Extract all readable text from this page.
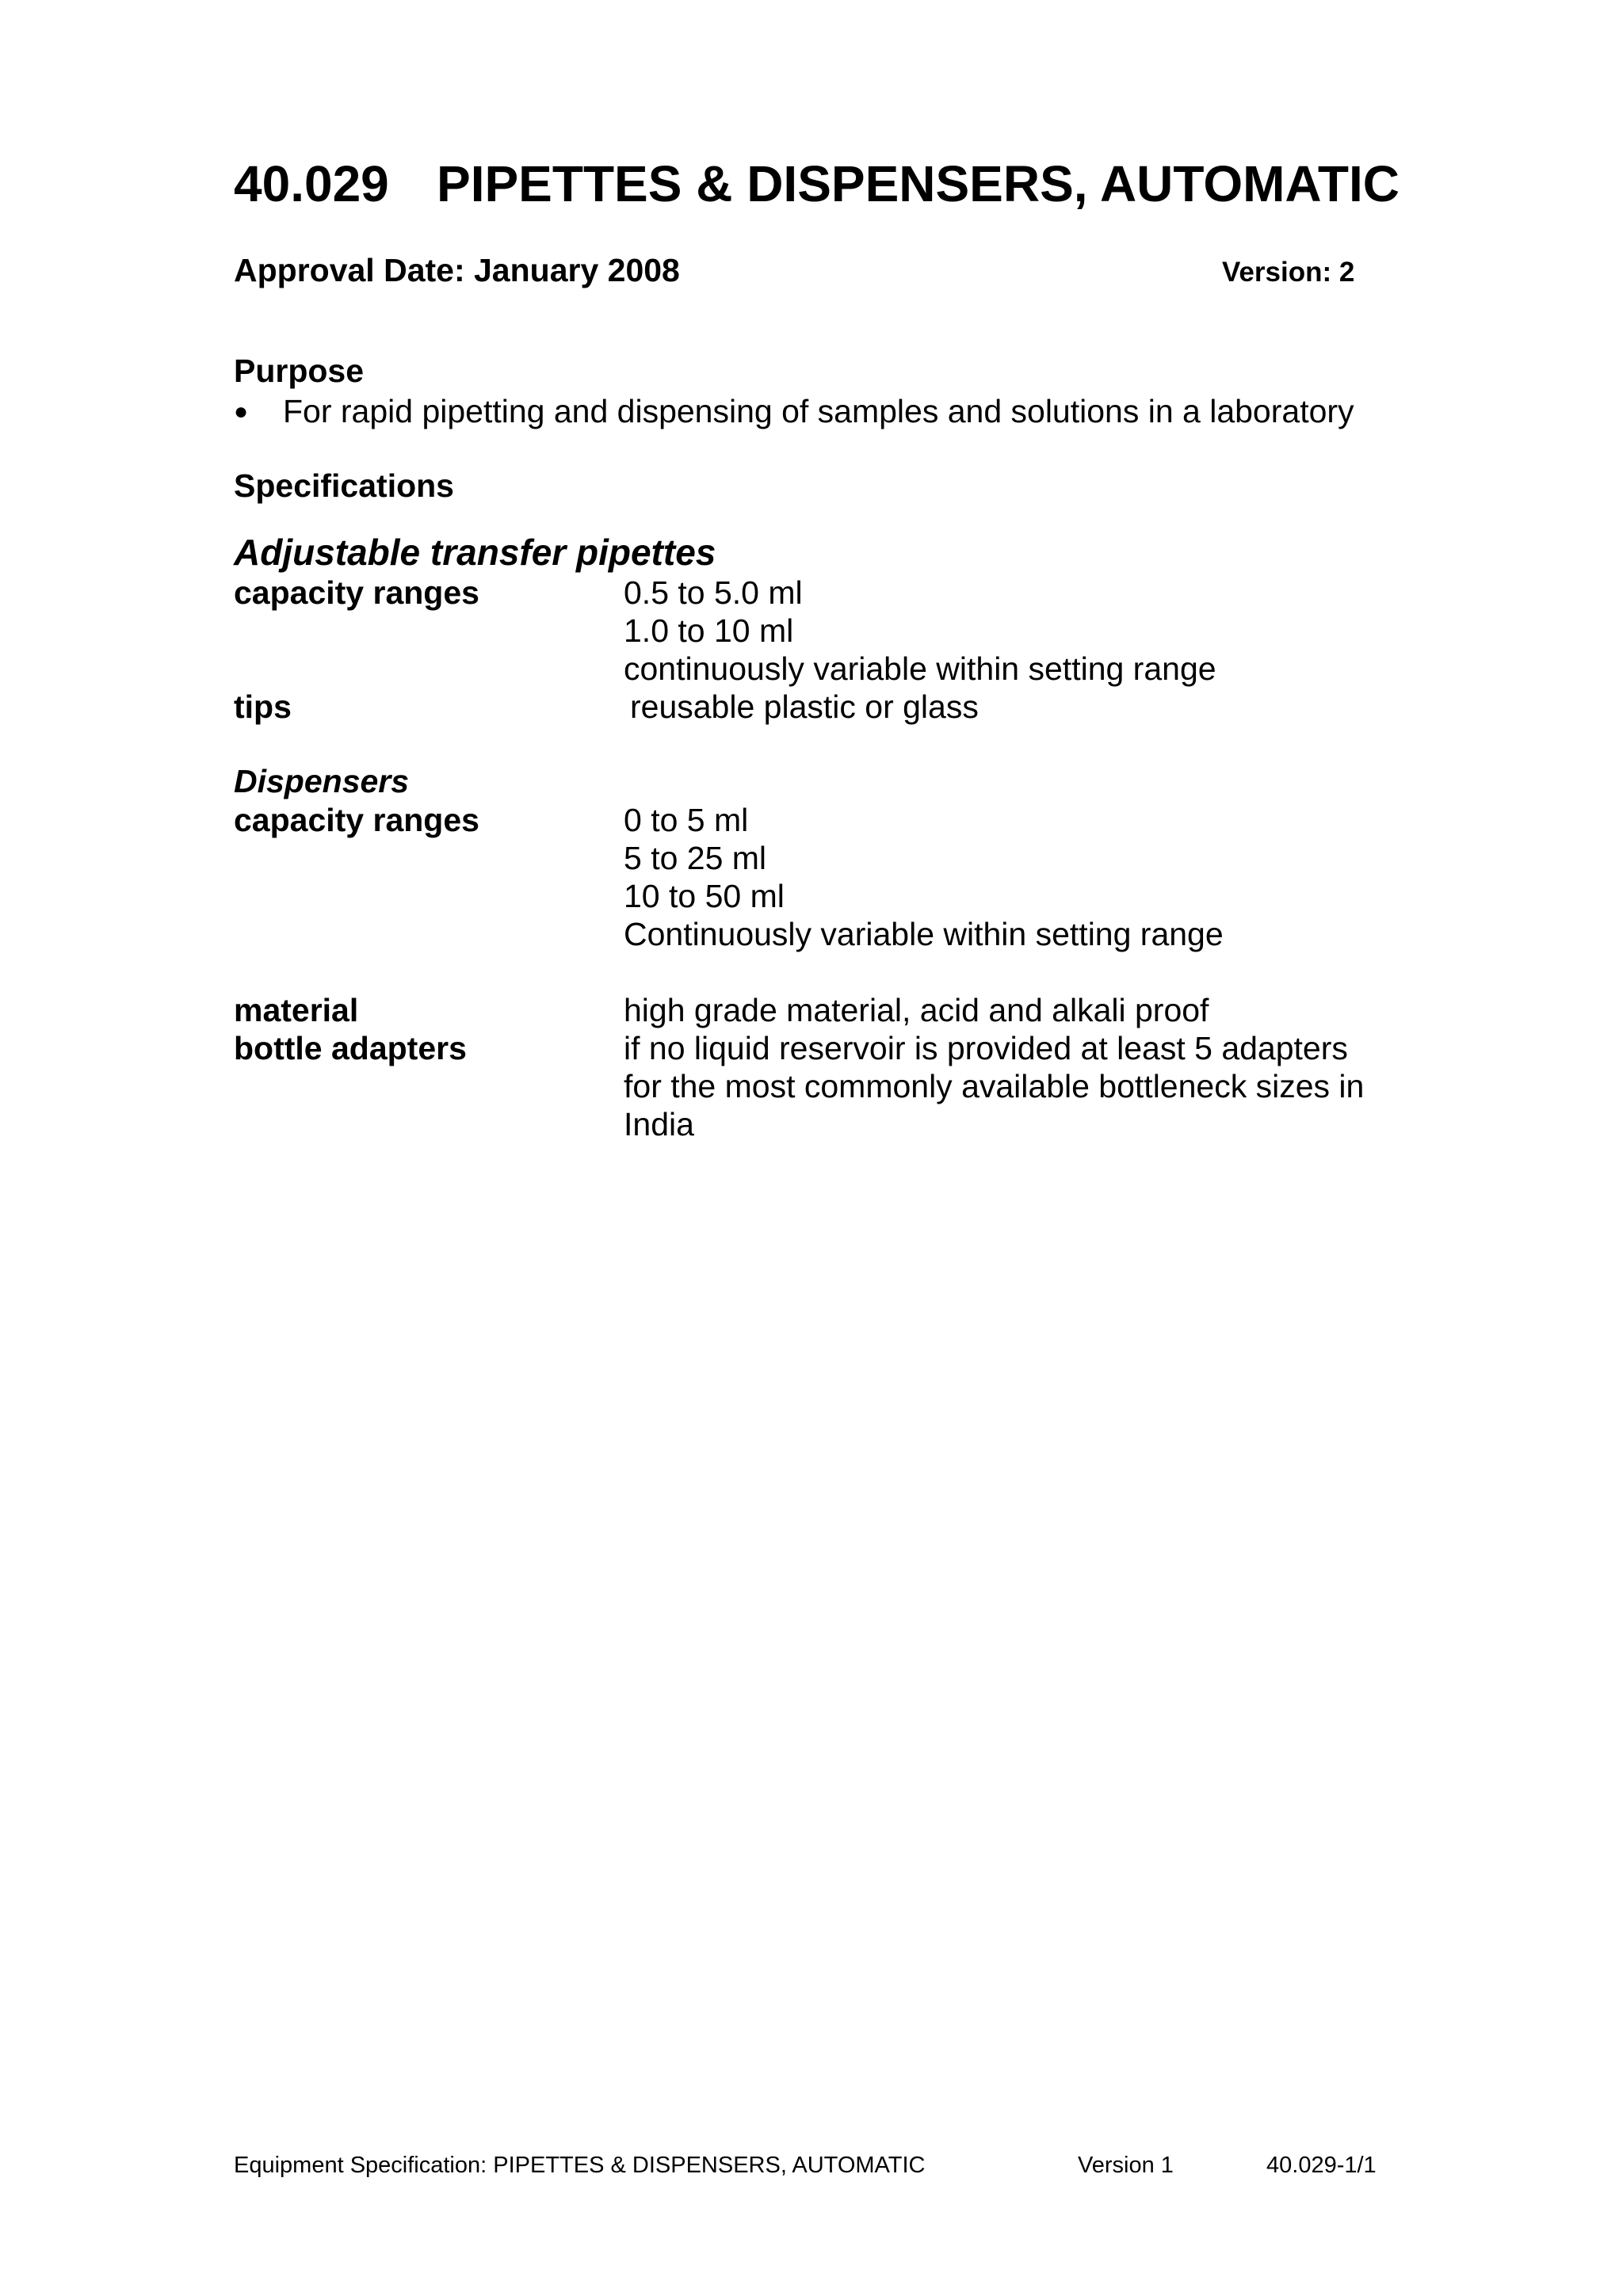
40.029 PIPETTES & DISPENSERS, AUTOMATIC
Approval Date: January 2008	Version: 2
Purpose
● For rapid pipetting and dispensing of samples and solutions in a laboratory
Specifications
Adjustable transfer pipettes
capacity ranges	0.5 to 5.0 ml
1.0 to 10 ml
continuously variable within setting range
tips	reusable plastic or glass
Dispensers
capacity ranges	0 to 5 ml
5 to 25 ml
10 to 50 ml
Continuously variable within setting range
material	high grade material, acid and alkali proof
bottle adapters	if no liquid reservoir is provided at least 5 adapters
for the most commonly available bottleneck sizes in
India
Equipment Specification: PIPETTES & DISPENSERS, AUTOMATIC	Version 1	40.029-1/1
